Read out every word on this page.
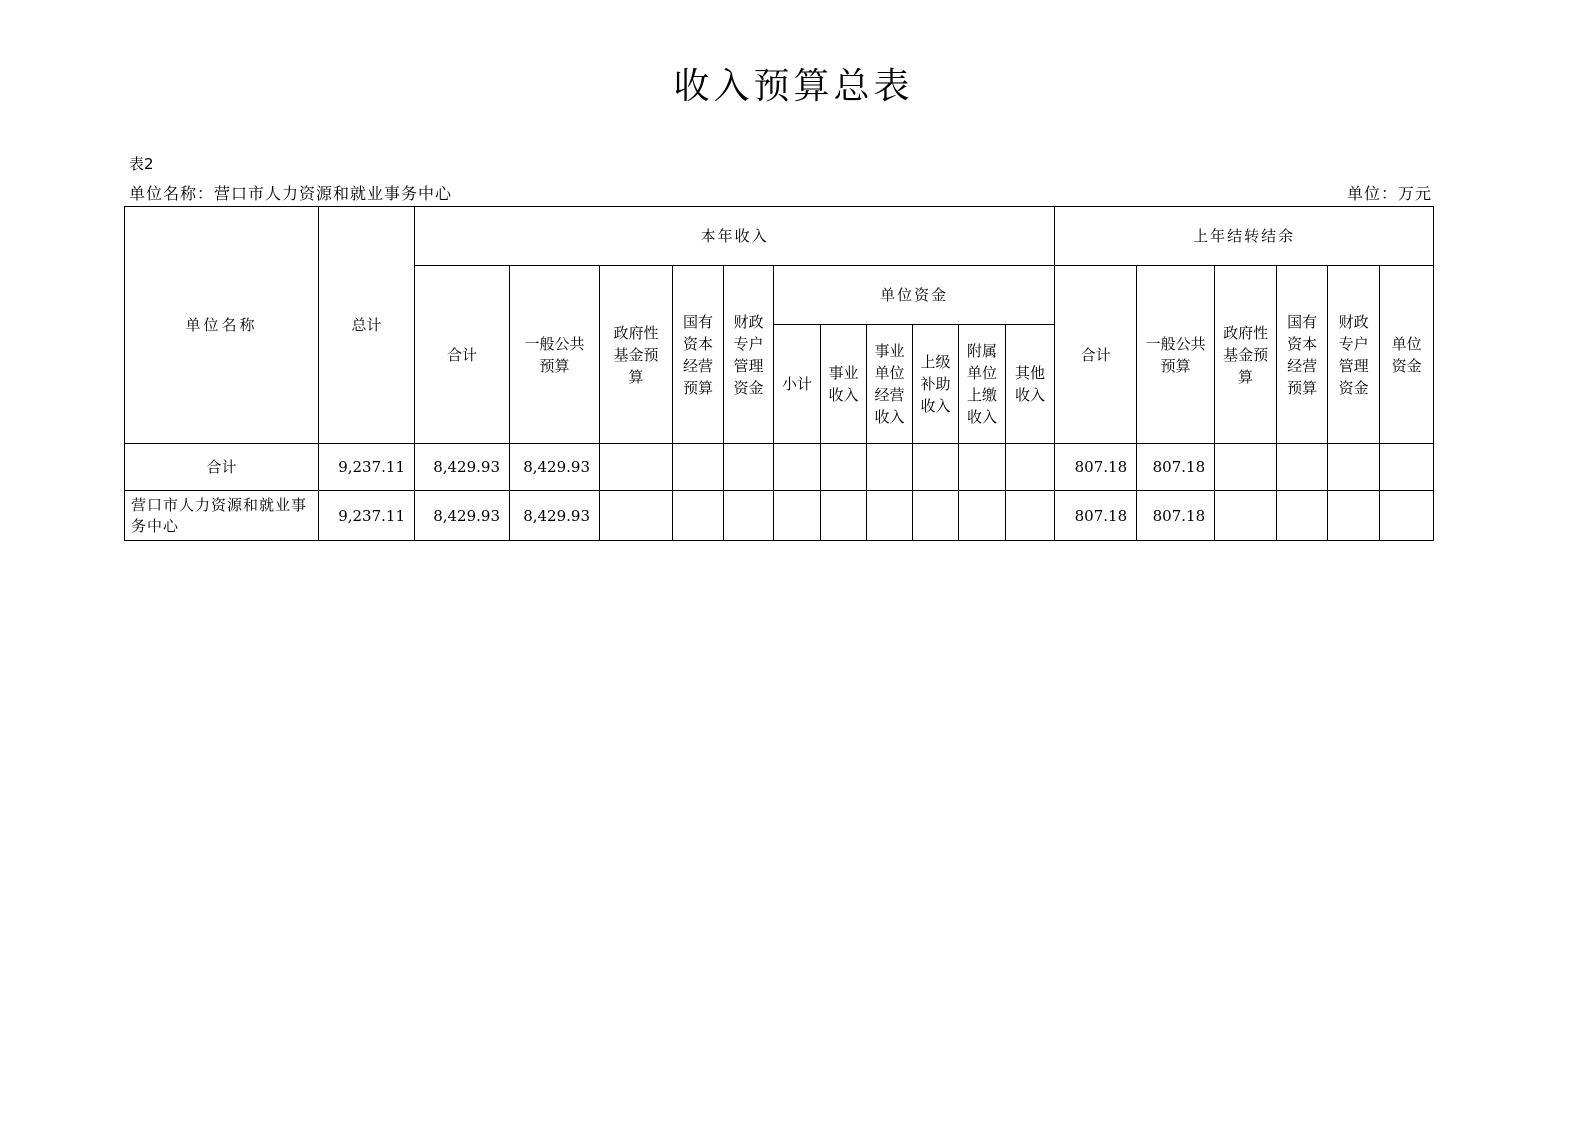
收入预算总表
表2
单位名称：营口市人力资源和就业事务中心	单位：万元
单位名称	总计	本年收入											上年结转结余					
		合计	一般公共预算	政府性基金预算	国有资本经营预算	财政专户管理资金	单位资金						合计	一般公共预算	政府性基金预算	国有资本经营预算	财政专户管理资金	单位资金

							小计	事业收入	事业单位经营收入	上级补助收入	附属单位上缴收入	其他收入						

合计	9,237.11	8,429.93	8,429.93										807.18	807.18				
营口市人力资源和就业事务中心	9,237.11	8,429.93	8,429.93										807.18	807.18				
